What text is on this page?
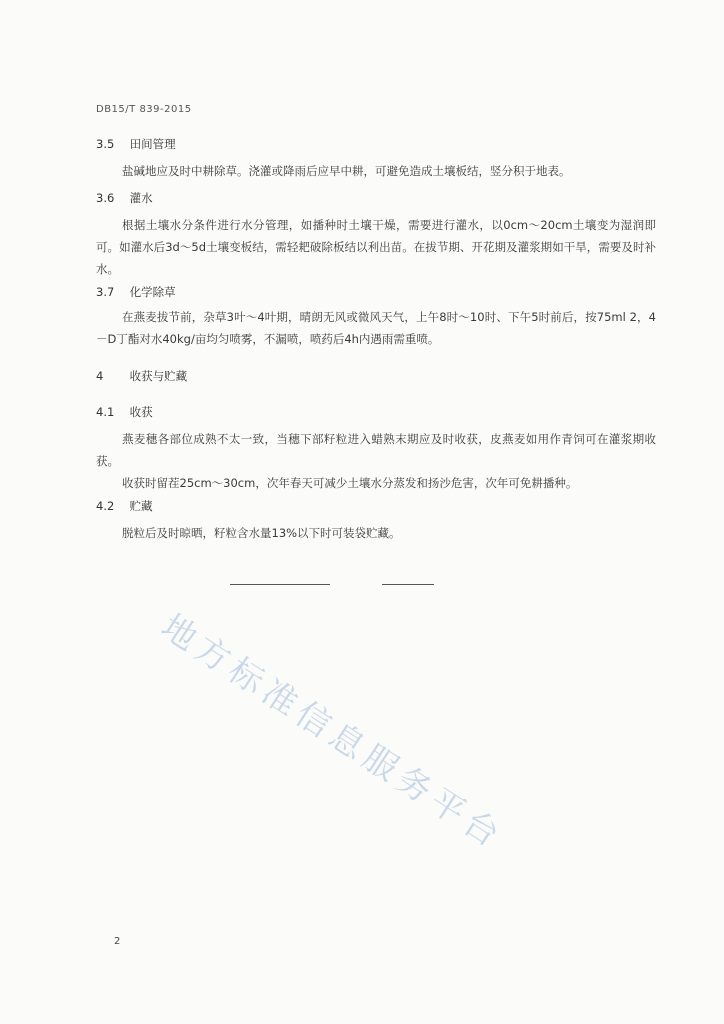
DB15/T 839-2015
3.5 田间管理

盐碱地应及时中耕除草。浇灌或降雨后应早中耕，可避免造成土壤板结，竖分积于地表。

3.6 灌水

根据土壤水分条件进行水分管理，如播种时土壤干燥，需要进行灌水，以0cm～20cm土壤变为湿润即可。如灌水后3d～5d土壤变板结，需轻耙破除板结以利出苗。在拔节期、开花期及灌浆期如干旱，需要及时补水。

3.7 化学除草

在燕麦拔节前，杂草3叶～4叶期，晴朗无风或微风天气，上午8时～10时、下午5时前后，按75ml 2，4－D丁酯对水40kg/亩均匀喷雾，不漏喷，喷药后4h内遇雨需重喷。

4 收获与贮藏
4.1 收获

燕麦穗各部位成熟不太一致，当穗下部籽粒进入蜡熟末期应及时收获，皮燕麦如用作青饲可在灌浆期收获。

收获时留茬25cm～30cm，次年春天可减少土壤水分蒸发和扬沙危害，次年可免耕播种。

4.2 贮藏

脱粒后及时晾晒，籽粒含水量13%以下时可装袋贮藏。

地方标准信息服务平台
2
